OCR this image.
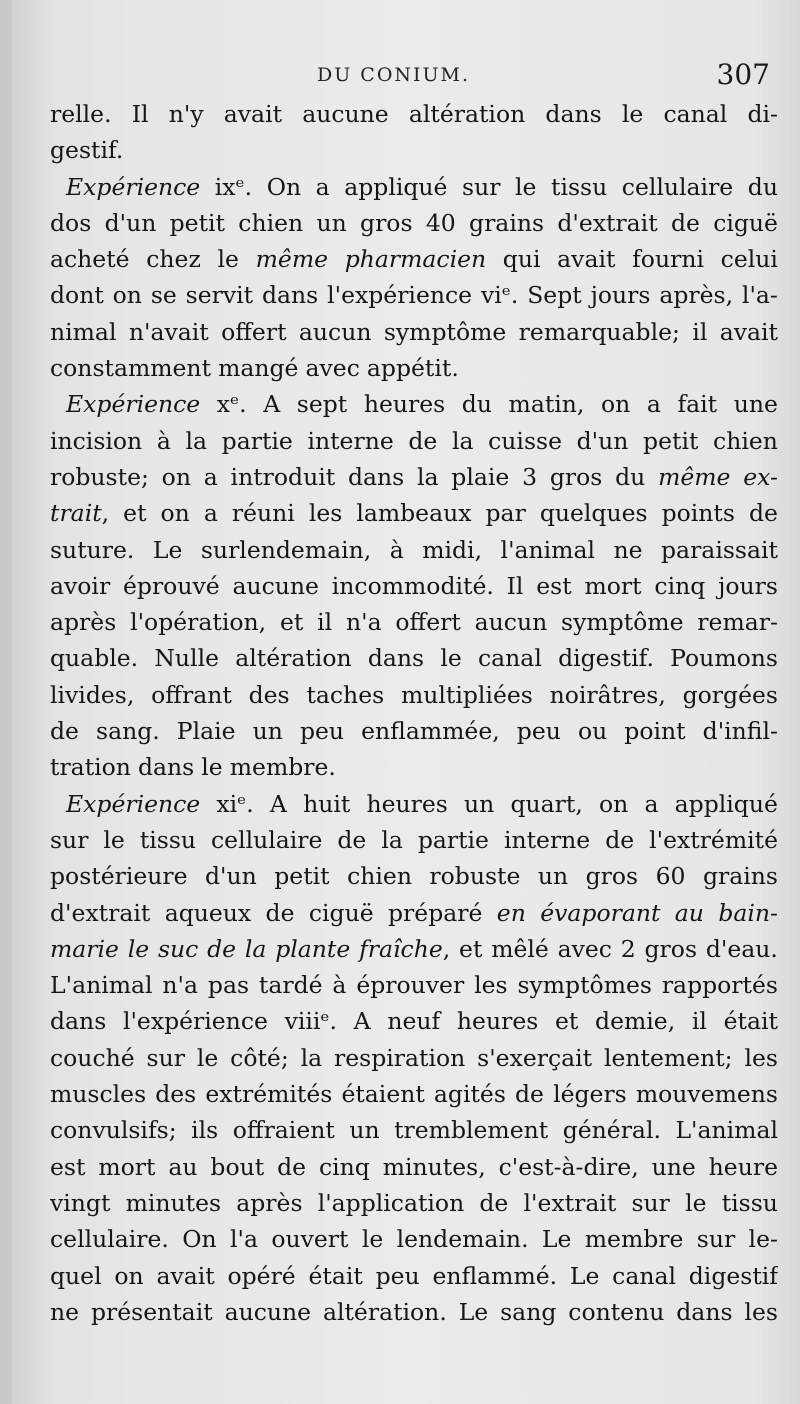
DU CONIUM.	307
relle. Il n'y avait aucune altération dans le canal di-
gestif.
Expérience ixᵉ. On a appliqué sur le tissu cellulaire du
dos d'un petit chien un gros 40 grains d'extrait de ciguë
acheté chez le même pharmacien qui avait fourni celui
dont on se servit dans l'expérience viᵉ. Sept jours après, l'a-
nimal n'avait offert aucun symptôme remarquable; il avait
constamment mangé avec appétit.
Expérience xᵉ. A sept heures du matin, on a fait une
incision à la partie interne de la cuisse d'un petit chien
robuste; on a introduit dans la plaie 3 gros du même ex-
trait, et on a réuni les lambeaux par quelques points de
suture. Le surlendemain, à midi, l'animal ne paraissait
avoir éprouvé aucune incommodité. Il est mort cinq jours
après l'opération, et il n'a offert aucun symptôme remar-
quable. Nulle altération dans le canal digestif. Poumons
livides, offrant des taches multipliées noirâtres, gorgées
de sang. Plaie un peu enflammée, peu ou point d'infil-
tration dans le membre.
Expérience xiᵉ. A huit heures un quart, on a appliqué
sur le tissu cellulaire de la partie interne de l'extrémité
postérieure d'un petit chien robuste un gros 60 grains
d'extrait aqueux de ciguë préparé en évaporant au bain-
marie le suc de la plante fraîche, et mêlé avec 2 gros d'eau.
L'animal n'a pas tardé à éprouver les symptômes rapportés
dans l'expérience viiiᵉ. A neuf heures et demie, il était
couché sur le côté; la respiration s'exerçait lentement; les
muscles des extrémités étaient agités de légers mouvemens
convulsifs; ils offraient un tremblement général. L'animal
est mort au bout de cinq minutes, c'est-à-dire, une heure
vingt minutes après l'application de l'extrait sur le tissu
cellulaire. On l'a ouvert le lendemain. Le membre sur le-
quel on avait opéré était peu enflammé. Le canal digestif
ne présentait aucune altération. Le sang contenu dans les
